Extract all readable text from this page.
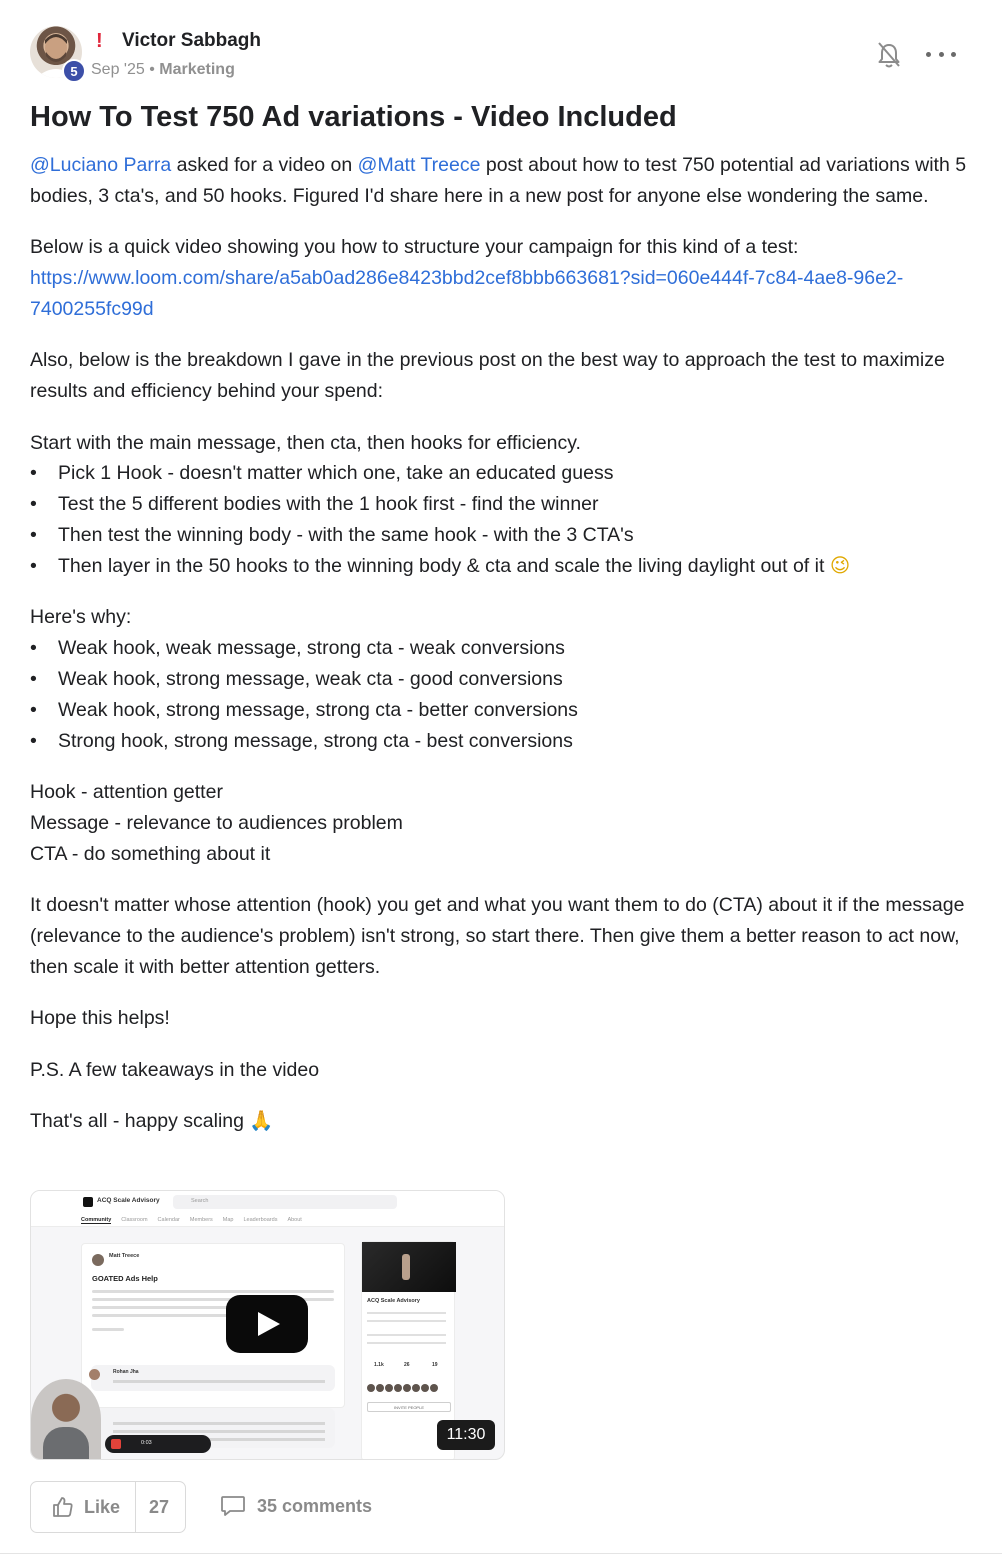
5
! Victor Sabbagh
Sep '25 • Marketing
How To Test 750 Ad variations - Video Included

@Luciano Parra asked for a video on @Matt Treece post about how to test 750 potential ad variations with 5 bodies, 3 cta's, and 50 hooks. Figured I'd share here in a new post for anyone else wondering the same.

Below is a quick video showing you how to structure your campaign for this kind of a test:
https://www.loom.com/share/a5ab0ad286e8423bbd2cef8bbb663681?sid=060e444f-7c84-4ae8-96e2-7400255fc99d

Also, below is the breakdown I gave in the previous post on the best way to approach the test to maximize results and efficiency behind your spend:

Start with the main message, then cta, then hooks for efficiency.
• Pick 1 Hook - doesn't matter which one, take an educated guess
• Test the 5 different bodies with the 1 hook first - find the winner
• Then test the winning body - with the same hook - with the 3 CTA's
• Then layer in the 50 hooks to the winning body & cta and scale the living daylight out of it 😉
Here's why:
• Weak hook, weak message, strong cta - weak conversions
• Weak hook, strong message, weak cta - good conversions
• Weak hook, strong message, strong cta - better conversions
• Strong hook, strong message, strong cta - best conversions

Hook - attention getter
Message - relevance to audiences problem
CTA - do something about it

It doesn't matter whose attention (hook) you get and what you want them to do (CTA) about it if the message (relevance to the audience's problem) isn't strong, so start there. Then give them a better reason to act now, then scale it with better attention getters.

Hope this helps!

P.S. A few takeaways in the video

That's all - happy scaling 🙏

ACQ Scale Advisory	Search
Community Classroom Calendar Members Map Leaderboards About
Matt Treece
GOATED Ads Help
Rohan Jha
ACQ Scale Advisory
1.1k	26	19
INVITE PEOPLE
0:03	11:30
Like 27	35 comments
